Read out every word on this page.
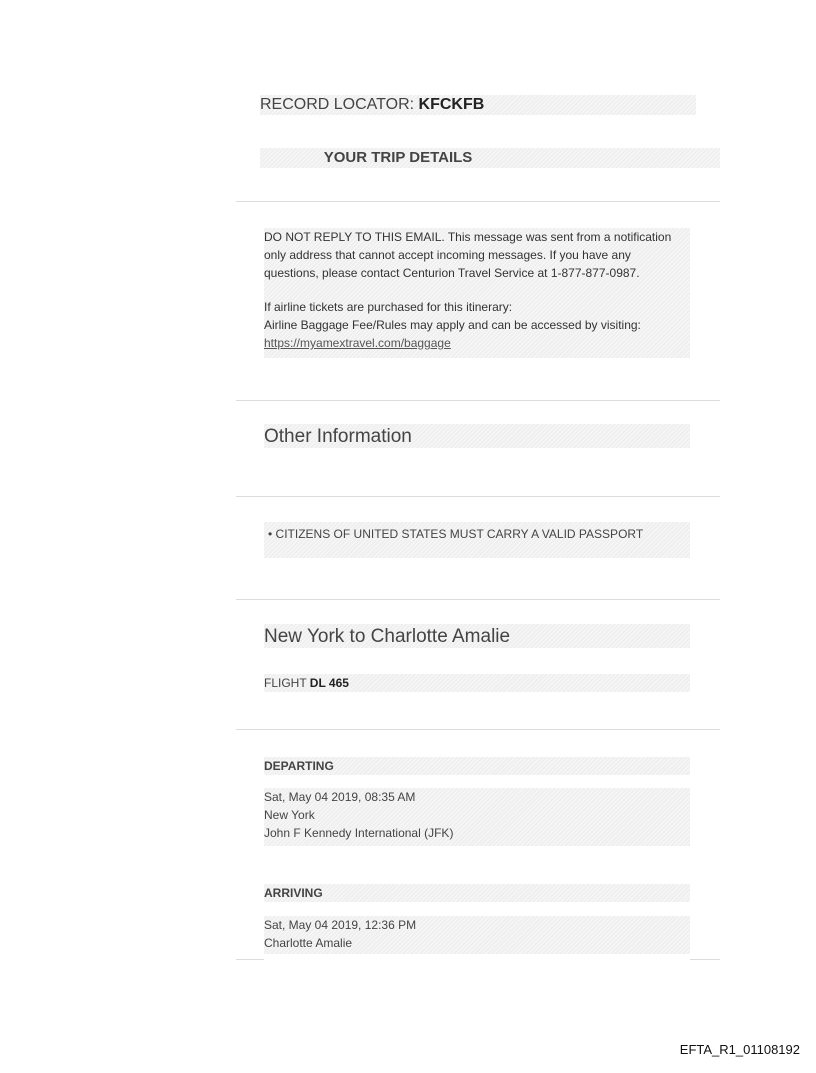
RECORD LOCATOR: KFCKFB
YOUR TRIP DETAILS

DO NOT REPLY TO THIS EMAIL. This message was sent from a notification
only address that cannot accept incoming messages. If you have any
questions, please contact Centurion Travel Service at 1-877-877-0987.

If airline tickets are purchased for this itinerary:
Airline Baggage Fee/Rules may apply and can be accessed by visiting:
https://myamextravel.com/baggage

Other Information
• CITIZENS OF UNITED STATES MUST CARRY A VALID PASSPORT
New York to Charlotte Amalie
FLIGHT DL 465
DEPARTING
Sat, May 04 2019, 08:35 AM
New York
John F Kennedy International (JFK)
ARRIVING
Sat, May 04 2019, 12:36 PM
Charlotte Amalie
EFTA_R1_01108192
